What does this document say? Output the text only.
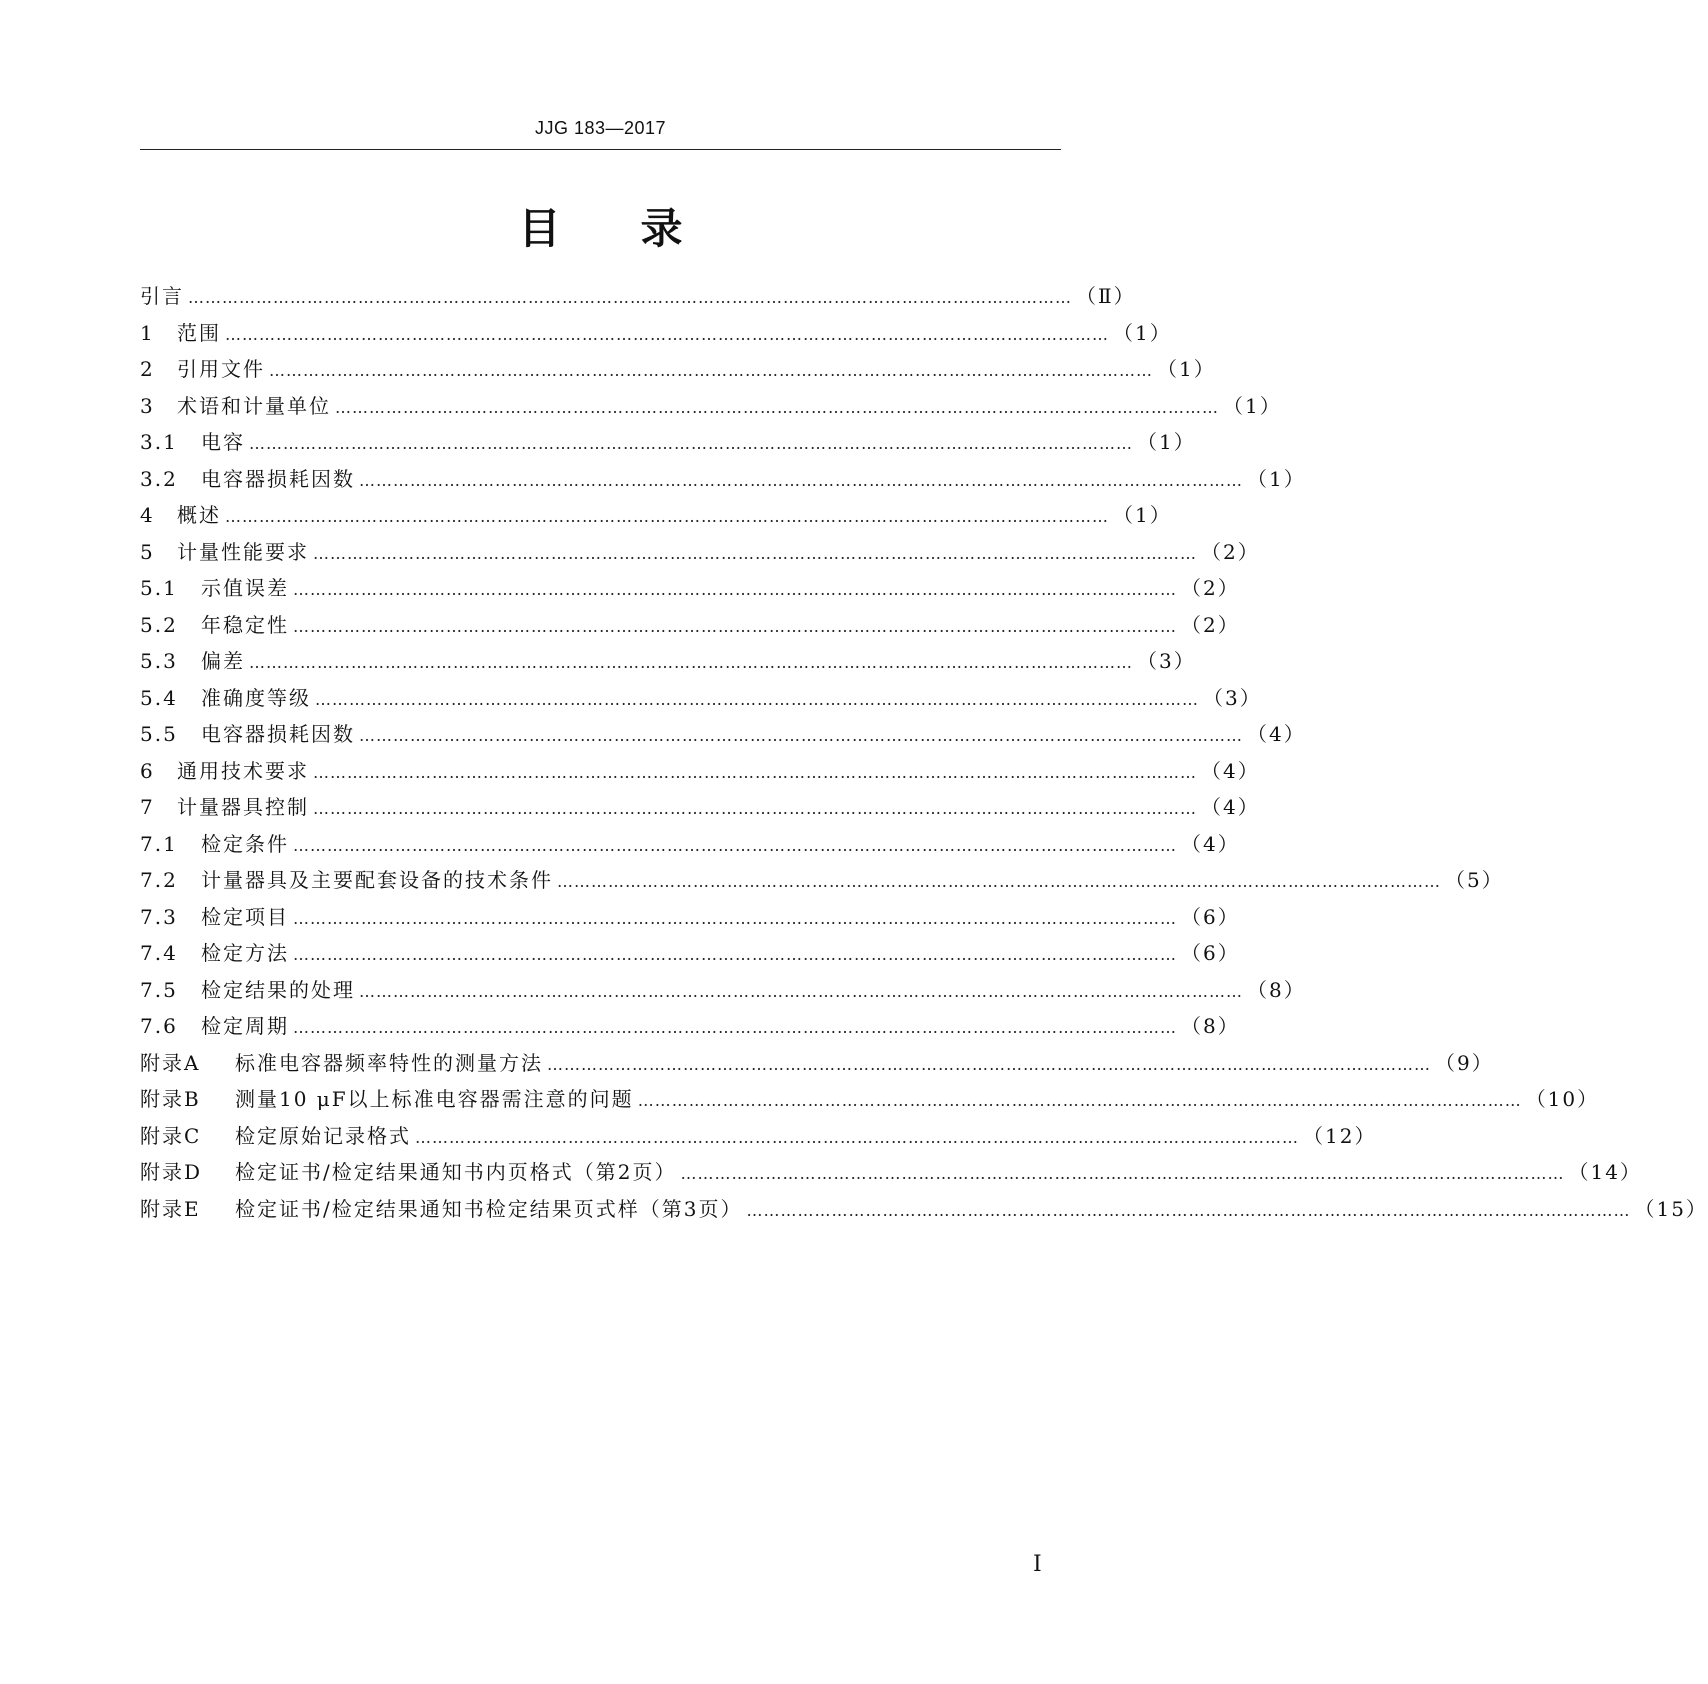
JJG 183—2017
目 录
引言 ………………………………………………………………………………………………………………………………………… （Ⅱ）
1	范围 ………………………………………………………………………………………………………………………………………… （1）
2	引用文件 ………………………………………………………………………………………………………………………………………… （1）
3	术语和计量单位 ………………………………………………………………………………………………………………………………………… （1）
3.1	电容 ………………………………………………………………………………………………………………………………………… （1）
3.2	电容器损耗因数 ………………………………………………………………………………………………………………………………………… （1）
4	概述 ………………………………………………………………………………………………………………………………………… （1）
5	计量性能要求 ………………………………………………………………………………………………………………………………………… （2）
5.1	示值误差 ………………………………………………………………………………………………………………………………………… （2）
5.2	年稳定性 ………………………………………………………………………………………………………………………………………… （2）
5.3	偏差 ………………………………………………………………………………………………………………………………………… （3）
5.4	准确度等级 ………………………………………………………………………………………………………………………………………… （3）
5.5	电容器损耗因数 ………………………………………………………………………………………………………………………………………… （4）
6	通用技术要求 ………………………………………………………………………………………………………………………………………… （4）
7	计量器具控制 ………………………………………………………………………………………………………………………………………… （4）
7.1	检定条件 ………………………………………………………………………………………………………………………………………… （4）
7.2	计量器具及主要配套设备的技术条件 ………………………………………………………………………………………………………………………………………… （5）
7.3	检定项目 ………………………………………………………………………………………………………………………………………… （6）
7.4	检定方法 ………………………………………………………………………………………………………………………………………… （6）
7.5	检定结果的处理 ………………………………………………………………………………………………………………………………………… （8）
7.6	检定周期 ………………………………………………………………………………………………………………………………………… （8）
附录A	标准电容器频率特性的测量方法 ………………………………………………………………………………………………………………………………………… （9）
附录B	测量10 μF以上标准电容器需注意的问题 ………………………………………………………………………………………………………………………………………… （10）
附录C	检定原始记录格式 ………………………………………………………………………………………………………………………………………… （12）
附录D	检定证书/检定结果通知书内页格式（第2页） ………………………………………………………………………………………………………………………………………… （14）
附录E	检定证书/检定结果通知书检定结果页式样（第3页） ………………………………………………………………………………………………………………………………………… （15）
Ⅰ
